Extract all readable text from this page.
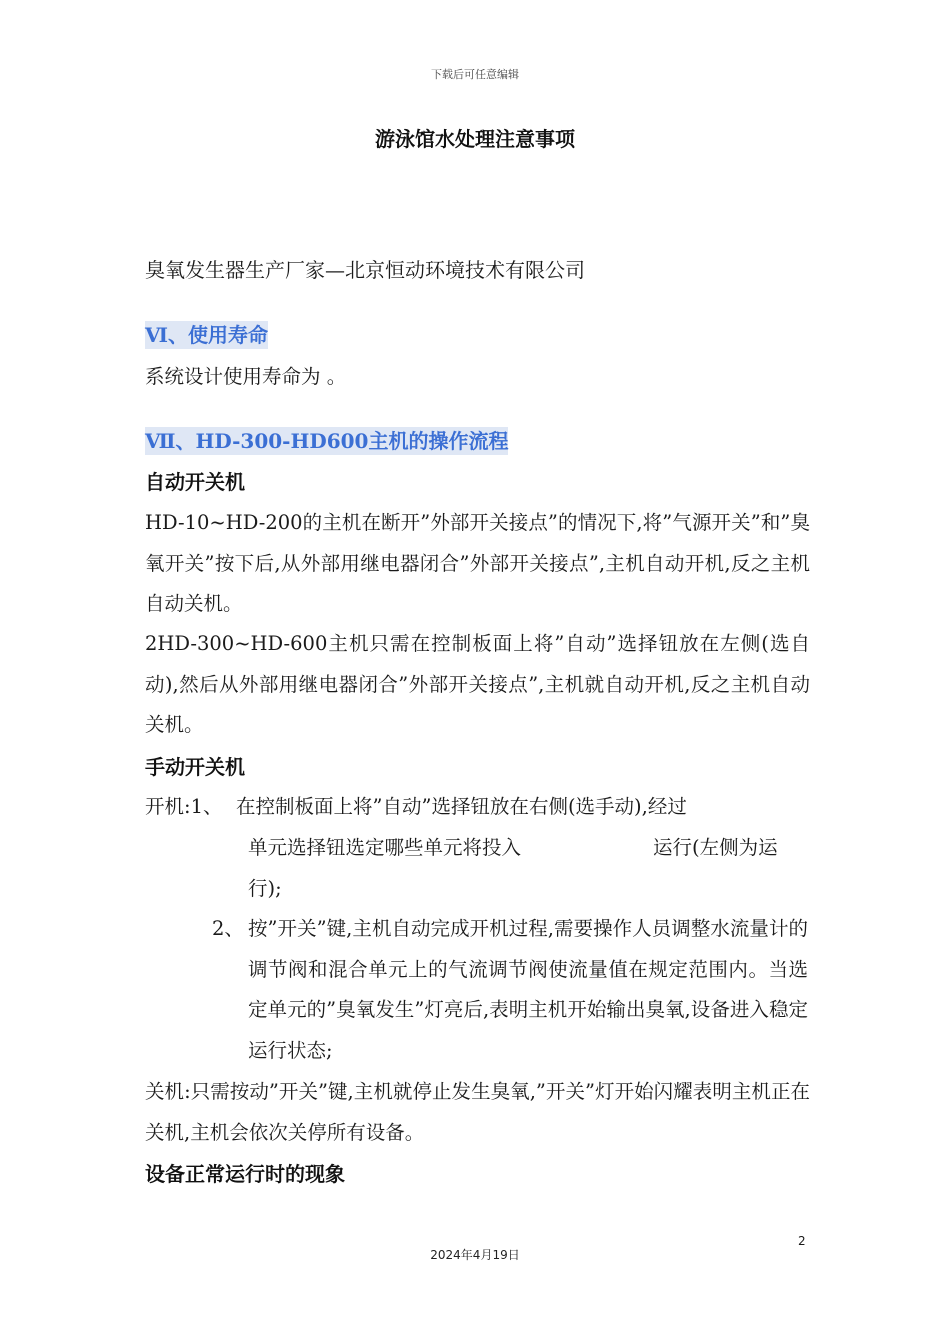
下载后可任意编辑
游泳馆水处理注意事项
臭氧发生器生产厂家—北京恒动环境技术有限公司
Ⅵ、使用寿命
系统设计使用寿命为 。
Ⅶ、HD-300-HD600主机的操作流程
自动开关机
HD-10~HD-200的主机在断开”外部开关接点”的情况下,将”气源开关”和”臭氧开关”按下后,从外部用继电器闭合”外部开关接点”,主机自动开机,反之主机自动关机。
2HD-300~HD-600主机只需在控制板面上将”自动”选择钮放在左侧(选自动),然后从外部用继电器闭合”外部开关接点”,主机就自动开机,反之主机自动关机。
手动开关机
开机:1、 在控制板面上将”自动”选择钮放在右侧(选手动),经过
单元选择钮选定哪些单元将投入	运行(左侧为运
行);
2、 按”开关”键,主机自动完成开机过程,需要操作人员调整水流量计的调节阀和混合单元上的气流调节阀使流量值在规定范围内。当选定单元的”臭氧发生”灯亮后,表明主机开始输出臭氧,设备进入稳定运行状态;
关机:只需按动”开关”键,主机就停止发生臭氧,”开关”灯开始闪耀表明主机正在关机,主机会依次关停所有设备。
设备正常运行时的现象
2
2024年4月19日
